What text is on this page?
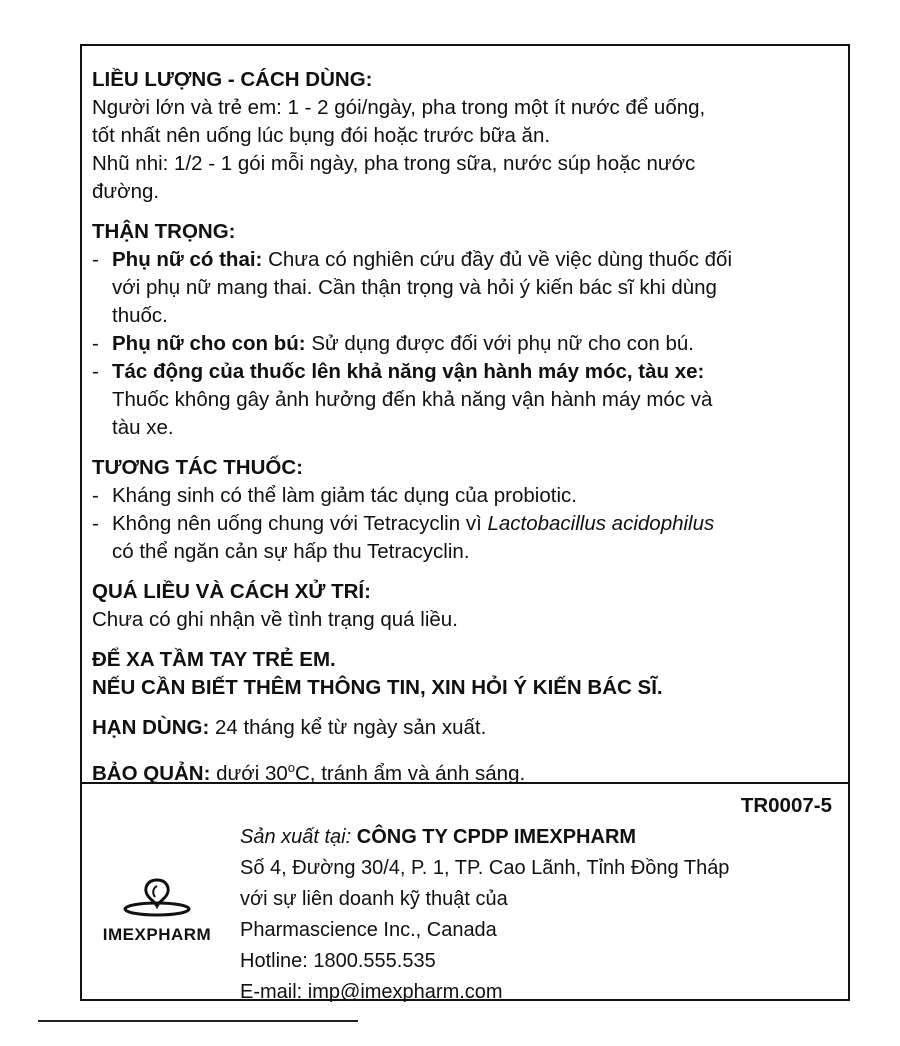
LIỀU LƯỢNG - CÁCH DÙNG:
Người lớn và trẻ em: 1 - 2 gói/ngày, pha trong một ít nước để uống,
tốt nhất nên uống lúc bụng đói hoặc trước bữa ăn.
Nhũ nhi: 1/2 - 1 gói mỗi ngày, pha trong sữa, nước súp hoặc nước
đường.
THẬN TRỌNG:
- Phụ nữ có thai: Chưa có nghiên cứu đầy đủ về việc dùng thuốc đối
với phụ nữ mang thai. Cần thận trọng và hỏi ý kiến bác sĩ khi dùng
thuốc.
- Phụ nữ cho con bú: Sử dụng được đối với phụ nữ cho con bú.
- Tác động của thuốc lên khả năng vận hành máy móc, tàu xe:
Thuốc không gây ảnh hưởng đến khả năng vận hành máy móc và
tàu xe.
TƯƠNG TÁC THUỐC:
- Kháng sinh có thể làm giảm tác dụng của probiotic.
- Không nên uống chung với Tetracyclin vì Lactobacillus acidophilus
có thể ngăn cản sự hấp thu Tetracyclin.
QUÁ LIỀU VÀ CÁCH XỬ TRÍ:
Chưa có ghi nhận về tình trạng quá liều.
ĐỂ XA TẦM TAY TRẺ EM.
NẾU CẦN BIẾT THÊM THÔNG TIN, XIN HỎI Ý KIẾN BÁC SĨ.
HẠN DÙNG: 24 tháng kể từ ngày sản xuất.
BẢO QUẢN: dưới 30$^o$C, tránh ẩm và ánh sáng.
TR0007-5
IMEXPHARM
Sản xuất tại: CÔNG TY CPDP IMEXPHARM
Số 4, Đường 30/4, P. 1, TP. Cao Lãnh, Tỉnh Đồng Tháp
với sự liên doanh kỹ thuật của
Pharmascience Inc., Canada
Hotline: 1800.555.535
E-mail: imp@imexpharm.com
